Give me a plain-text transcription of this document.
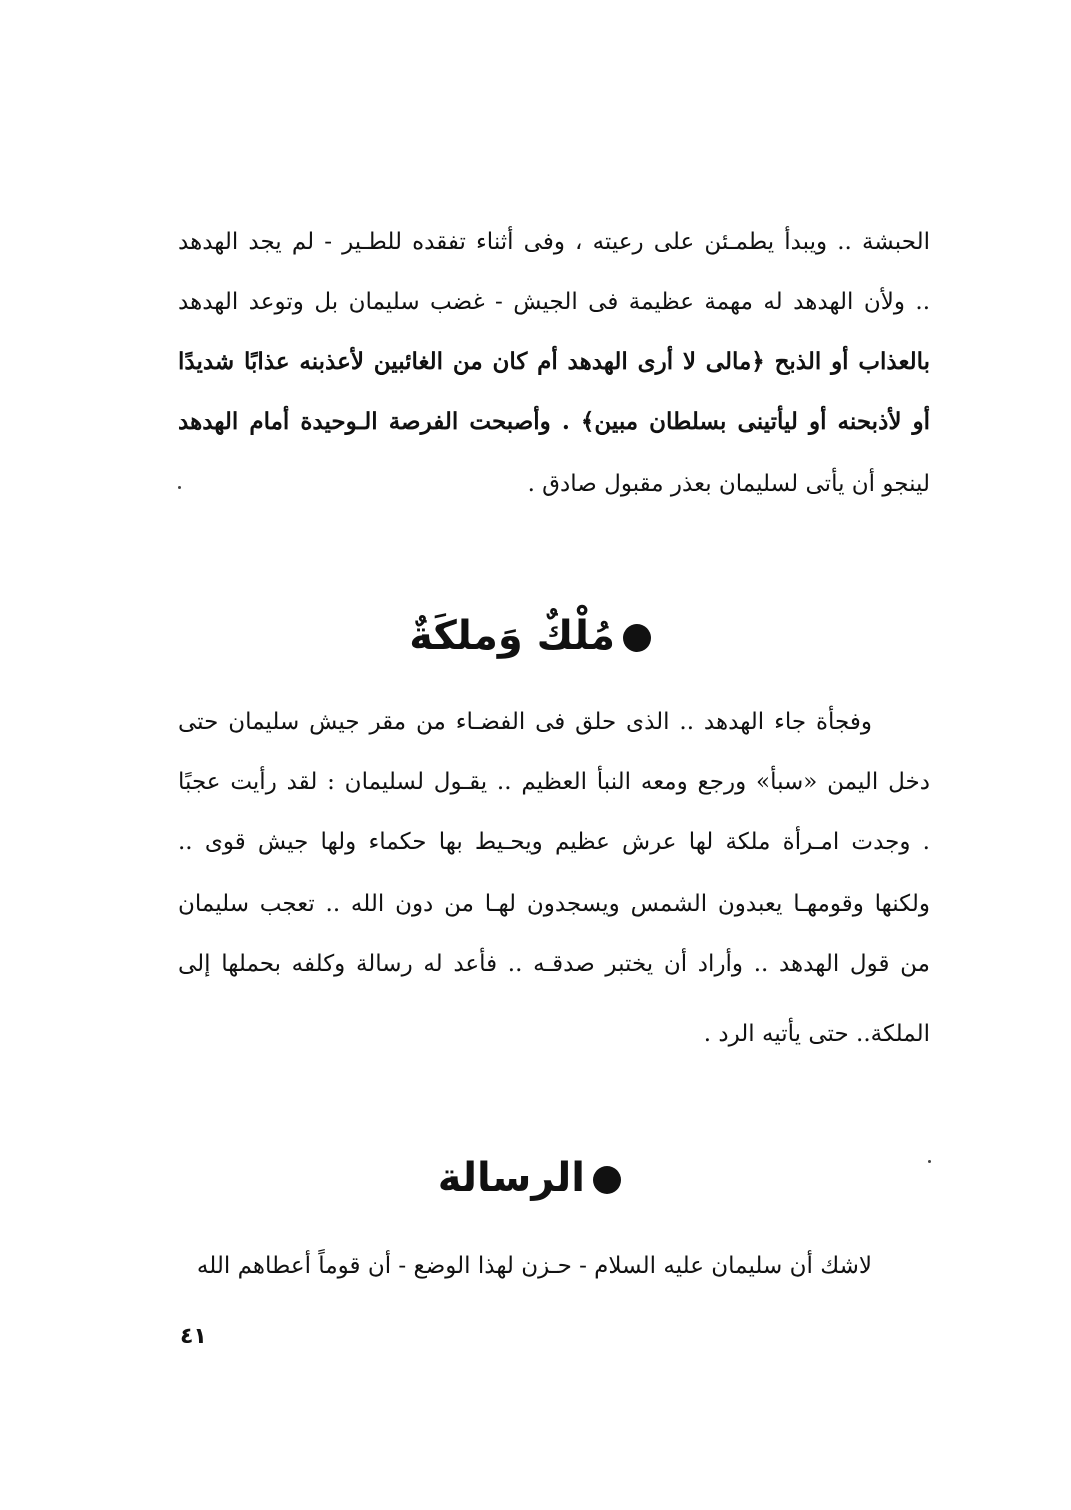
الحبشة .. ويبدأ يطمـئن على رعيته ، وفى أثناء تفقده للطـير - لم يجد الهدهد
.. ولأن الهدهد له مهمة عظيمة فى الجيش - غضب سليمان بل وتوعد الهدهد
بالعذاب أو الذبح ﴿مالى لا أرى الهدهد أم كان من الغائبين لأعذبنه عذابًا شديدًا
أو لأذبحنه أو ليأتينى بسلطان مبين﴾ . وأصبحت الفرصة الـوحيدة أمام الهدهد
لينجو أن يأتى لسليمان بعذر مقبول صادق .
مُلْكٌ وَملكَةٌ
وفجأة جاء الهدهد .. الذى حلق فى الفضـاء من مقر جيش سليمان حتى
دخل اليمن «سبأ» ورجع ومعه النبأ العظيم .. يقـول لسليمان : لقد رأيت عجبًا
. وجدت امـرأة ملكة لها عرش عظيم ويحـيط بها حكماء ولها جيش قوى ..
ولكنها وقومهـا يعبدون الشمس ويسجدون لهـا من دون الله .. تعجب سليمان
من قول الهدهد .. وأراد أن يختبر صدقـه .. فأعد له رسالة وكلفه بحملها إلى
الملكة.. حتى يأتيه الرد .
الرسالة
لاشك أن سليمان عليه السلام - حـزن لهذا الوضع - أن قوماً أعطاهم الله
٤١
